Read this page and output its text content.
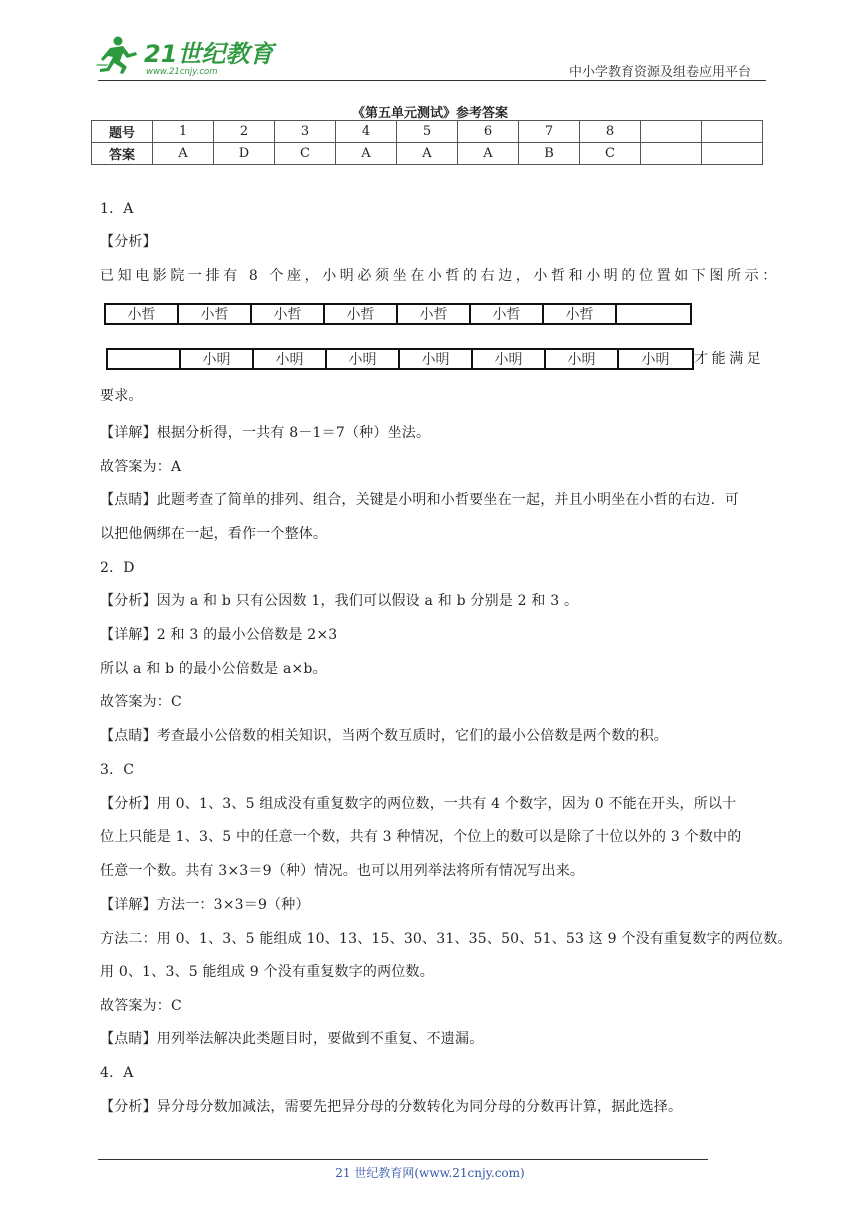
21世纪教育
www.21cnjy.com	中小学教育资源及组卷应用平台
《第五单元测试》参考答案
题号	1	2	3	4	5	6	7	8		
答案	A	D	C	A	A	A	B	C		
1．A
【分析】
已知电影院一排有 8 个座，小明必须坐在小哲的右边，小哲和小明的位置如下图所示：
小哲	小哲	小哲	小哲	小哲	小哲	小哲
小明	小明	小明	小明	小明	小明	小明	才能满足
要求。
【详解】根据分析得，一共有 8－1＝7（种）坐法。
故答案为：A
【点睛】此题考查了简单的排列、组合，关键是小明和小哲要坐在一起，并且小明坐在小哲的右边．可
以把他俩绑在一起，看作一个整体。
2．D
【分析】因为 a 和 b 只有公因数 1，我们可以假设 a 和 b 分别是 2 和 3 。
【详解】2 和 3 的最小公倍数是 2×3
所以 a 和 b 的最小公倍数是 a×b。
故答案为：C
【点睛】考查最小公倍数的相关知识，当两个数互质时，它们的最小公倍数是两个数的积。
3．C
【分析】用 0、1、3、5 组成没有重复数字的两位数，一共有 4 个数字，因为 0 不能在开头，所以十
位上只能是 1、3、5 中的任意一个数，共有 3 种情况，个位上的数可以是除了十位以外的 3 个数中的
任意一个数。共有 3×3＝9（种）情况。也可以用列举法将所有情况写出来。
【详解】方法一：3×3＝9（种）
方法二：用 0、1、3、5 能组成 10、13、15、30、31、35、50、51、53 这 9 个没有重复数字的两位数。
用 0、1、3、5 能组成 9 个没有重复数字的两位数。
故答案为：C
【点睛】用列举法解决此类题目时，要做到不重复、不遗漏。
4．A
【分析】异分母分数加减法，需要先把异分母的分数转化为同分母的分数再计算，据此选择。
21 世纪教育网(www.21cnjy.com)
